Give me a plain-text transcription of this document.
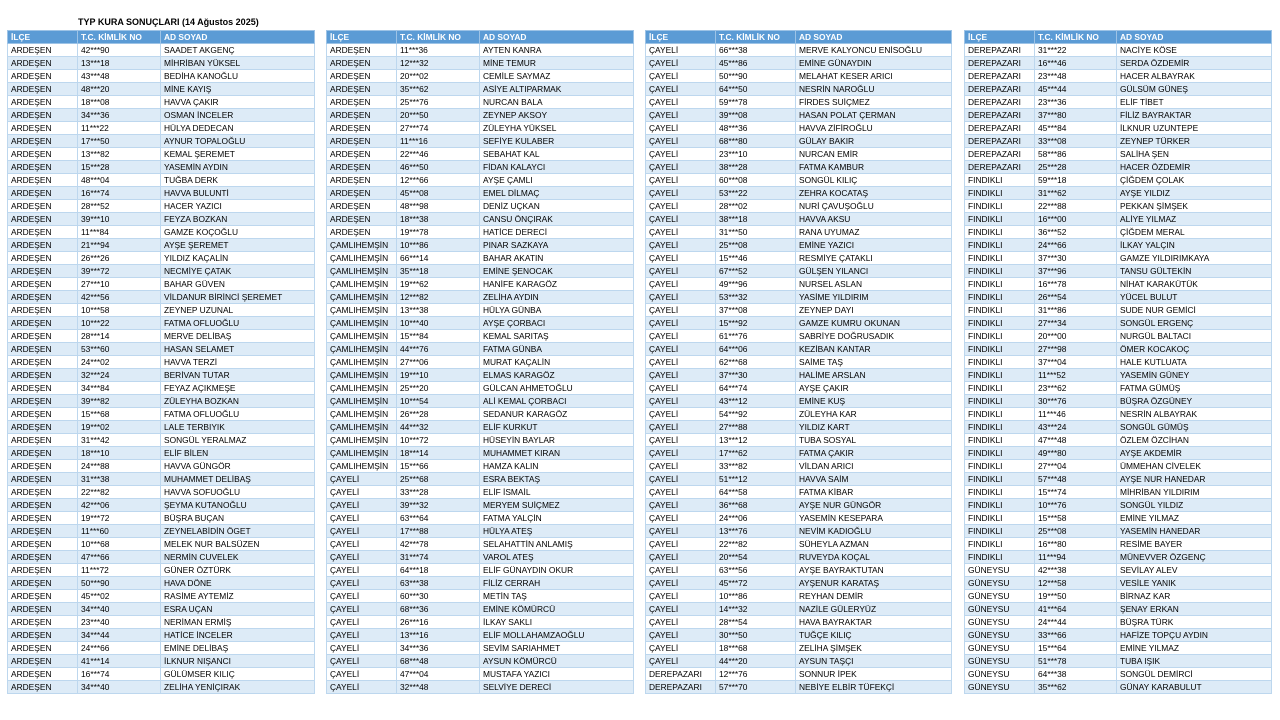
TYP KURA SONUÇLARI (14 Ağustos 2025)
İLÇE	T.C. KİMLİK NO	AD SOYAD
ARDEŞEN	42***90	SAADET AKGENÇ
ARDEŞEN	13***18	MİHRİBAN YÜKSEL
ARDEŞEN	43***48	BEDİHA KANOĞLU
ARDEŞEN	48***20	MİNE KAYIŞ
ARDEŞEN	18***08	HAVVA ÇAKIR
ARDEŞEN	34***36	OSMAN İNCELER
ARDEŞEN	11***22	HÜLYA DEDECAN
ARDEŞEN	17***50	AYNUR TOPALOĞLU
ARDEŞEN	13***82	KEMAL ŞEREMET
ARDEŞEN	15***28	YASEMİN AYDIN
ARDEŞEN	48***04	TUĞBA DERK
ARDEŞEN	16***74	HAVVA BULUNTİ
ARDEŞEN	28***52	HACER YAZICI
ARDEŞEN	39***10	FEYZA BOZKAN
ARDEŞEN	11***84	GAMZE KOÇOĞLU
ARDEŞEN	21***94	AYŞE ŞEREMET
ARDEŞEN	26***26	YILDIZ KAÇALİN
ARDEŞEN	39***72	NECMİYE ÇATAK
ARDEŞEN	27***10	BAHAR GÜVEN
ARDEŞEN	42***56	VİLDANUR BİRİNCİ ŞEREMET
ARDEŞEN	10***58	ZEYNEP UZUNAL
ARDEŞEN	10***22	FATMA OFLUOĞLU
ARDEŞEN	28***14	MERVE DELİBAŞ
ARDEŞEN	53***60	HASAN SELAMET
ARDEŞEN	24***02	HAVVA TERZİ
ARDEŞEN	32***24	BERİVAN TUTAR
ARDEŞEN	34***84	FEYAZ AÇIKMEŞE
ARDEŞEN	39***82	ZÜLEYHA BOZKAN
ARDEŞEN	15***68	FATMA OFLUOĞLU
ARDEŞEN	19***02	LALE TERBIYIK
ARDEŞEN	31***42	SONGÜL YERALMAZ
ARDEŞEN	18***10	ELİF BİLEN
ARDEŞEN	24***88	HAVVA GÜNGÖR
ARDEŞEN	31***38	MUHAMMET DELİBAŞ
ARDEŞEN	22***82	HAVVA SOFUOĞLU
ARDEŞEN	42***06	ŞEYMA KUTANOĞLU
ARDEŞEN	19***72	BÜŞRA BUÇAN
ARDEŞEN	11***60	ZEYNELABİDİN ÖGET
ARDEŞEN	10***68	MELEK NUR BALSÜZEN
ARDEŞEN	47***66	NERMİN CUVELEK
ARDEŞEN	11***72	GÜNER ÖZTÜRK
ARDEŞEN	50***90	HAVA DÖNE
ARDEŞEN	45***02	RASİME AYTEMİZ
ARDEŞEN	34***40	ESRA UÇAN
ARDEŞEN	23***40	NERİMAN ERMİŞ
ARDEŞEN	34***44	HATİCE İNCELER
ARDEŞEN	24***66	EMİNE DELİBAŞ
ARDEŞEN	41***14	İLKNUR NIŞANCI
ARDEŞEN	16***74	GÜLÜMSER KILIÇ
ARDEŞEN	34***40	ZELİHA YENİÇIRAK
İLÇE	T.C. KİMLİK NO	AD SOYAD
ARDEŞEN	11***36	AYTEN KANRA
ARDEŞEN	12***32	MİNE TEMUR
ARDEŞEN	20***02	CEMİLE SAYMAZ
ARDEŞEN	35***62	ASİYE ALTIPARMAK
ARDEŞEN	25***76	NURCAN BALA
ARDEŞEN	20***50	ZEYNEP AKSOY
ARDEŞEN	27***74	ZÜLEYHA YÜKSEL
ARDEŞEN	11***16	SEFİYE KULABER
ARDEŞEN	22***46	SEBAHAT KAL
ARDEŞEN	46***50	FİDAN KALAYCI
ARDEŞEN	12***66	AYŞE ÇAMLI
ARDEŞEN	45***08	EMEL DİLMAÇ
ARDEŞEN	48***98	DENİZ UÇKAN
ARDEŞEN	18***38	CANSU ÖNÇIRAK
ARDEŞEN	19***78	HATİCE DERECİ
ÇAMLIHEMŞİN	10***86	PINAR SAZKAYA
ÇAMLIHEMŞİN	66***14	BAHAR AKATIN
ÇAMLIHEMŞİN	35***18	EMİNE ŞENOCAK
ÇAMLIHEMŞİN	19***62	HANİFE KARAGÖZ
ÇAMLIHEMŞİN	12***82	ZELİHA AYDIN
ÇAMLIHEMŞİN	13***38	HÜLYA GÜNBA
ÇAMLIHEMŞİN	10***40	AYŞE ÇORBACI
ÇAMLIHEMŞİN	15***84	KEMAL SARITAŞ
ÇAMLIHEMŞİN	44***76	FATMA GÜNBA
ÇAMLIHEMŞİN	27***06	MURAT KAÇALİN
ÇAMLIHEMŞİN	19***10	ELMAS KARAGÖZ
ÇAMLIHEMŞİN	25***20	GÜLCAN AHMETOĞLU
ÇAMLIHEMŞİN	10***54	ALİ KEMAL ÇORBACI
ÇAMLIHEMŞİN	26***28	SEDANUR KARAGÖZ
ÇAMLIHEMŞİN	44***32	ELİF KURKUT
ÇAMLIHEMŞİN	10***72	HÜSEYİN BAYLAR
ÇAMLIHEMŞİN	18***14	MUHAMMET KIRAN
ÇAMLIHEMŞİN	15***66	HAMZA KALIN
ÇAYELİ	25***68	ESRA BEKTAŞ
ÇAYELİ	33***28	ELİF İSMAİL
ÇAYELİ	39***32	MERYEM SUİÇMEZ
ÇAYELİ	63***64	FATMA YALÇİN
ÇAYELİ	17***88	HÜLYA ATEŞ
ÇAYELİ	42***78	SELAHATTİN ANLAMIŞ
ÇAYELİ	31***74	VAROL ATEŞ
ÇAYELİ	64***18	ELİF GÜNAYDIN OKUR
ÇAYELİ	63***38	FİLİZ CERRAH
ÇAYELİ	60***30	METİN TAŞ
ÇAYELİ	68***36	EMİNE KÖMÜRCÜ
ÇAYELİ	26***16	İLKAY SAKLI
ÇAYELİ	13***16	ELİF MOLLAHAMZAOĞLU
ÇAYELİ	34***36	SEVİM SARIAHMET
ÇAYELİ	68***48	AYSUN KÖMÜRCÜ
ÇAYELİ	47***04	MUSTAFA YAZICI
ÇAYELİ	32***48	SELVİYE DERECİ
İLÇE	T.C. KİMLİK NO	AD SOYAD
ÇAYELİ	66***38	MERVE KALYONCU ENİSOĞLU
ÇAYELİ	45***86	EMİNE GÜNAYDIN
ÇAYELİ	50***90	MELAHAT KESER ARICI
ÇAYELİ	64***50	NESRİN NAROĞLU
ÇAYELİ	59***78	FİRDES SUİÇMEZ
ÇAYELİ	39***08	HASAN POLAT ÇERMAN
ÇAYELİ	48***36	HAVVA ZİFİROĞLU
ÇAYELİ	68***80	GÜLAY BAKIR
ÇAYELİ	23***10	NURCAN EMİR
ÇAYELİ	38***28	FATMA KAMBUR
ÇAYELİ	60***08	SONGÜL KILIÇ
ÇAYELİ	53***22	ZEHRA KOCATAŞ
ÇAYELİ	28***02	NURİ ÇAVUŞOĞLU
ÇAYELİ	38***18	HAVVA AKSU
ÇAYELİ	31***50	RANA UYUMAZ
ÇAYELİ	25***08	EMİNE YAZICI
ÇAYELİ	15***46	RESMİYE ÇATAKLI
ÇAYELİ	67***52	GÜLŞEN YILANCI
ÇAYELİ	49***96	NURSEL ASLAN
ÇAYELİ	53***32	YASİME YILDIRIM
ÇAYELİ	37***08	ZEYNEP DAYI
ÇAYELİ	15***92	GAMZE KUMRU OKUNAN
ÇAYELİ	61***76	SABRİYE DOĞRUSADIK
ÇAYELİ	64***06	KEZİBAN KANTAR
ÇAYELİ	62***68	SAİME TAŞ
ÇAYELİ	37***30	HALİME ARSLAN
ÇAYELİ	64***74	AYŞE ÇAKIR
ÇAYELİ	43***12	EMİNE KUŞ
ÇAYELİ	54***92	ZÜLEYHA KAR
ÇAYELİ	27***88	YILDIZ KART
ÇAYELİ	13***12	TUBA SOSYAL
ÇAYELİ	17***62	FATMA ÇAKIR
ÇAYELİ	33***82	VİLDAN ARICI
ÇAYELİ	51***12	HAVVA SAİM
ÇAYELİ	64***58	FATMA KİBAR
ÇAYELİ	36***68	AYŞE NUR GÜNGÖR
ÇAYELİ	24***06	YASEMİN KESEPARA
ÇAYELİ	13***76	NEVİM KADIOĞLU
ÇAYELİ	22***82	SÜHEYLA AZMAN
ÇAYELİ	20***54	RUVEYDA KOÇAL
ÇAYELİ	63***56	AYŞE BAYRAKTUTAN
ÇAYELİ	45***72	AYŞENUR KARATAŞ
ÇAYELİ	10***86	REYHAN DEMİR
ÇAYELİ	14***32	NAZİLE GÜLERYÜZ
ÇAYELİ	28***54	HAVA BAYRAKTAR
ÇAYELİ	30***50	TUĞÇE KILIÇ
ÇAYELİ	18***68	ZELİHA ŞİMŞEK
ÇAYELİ	44***20	AYSUN TAŞÇI
DEREPAZARI	12***76	SONNUR İPEK
DEREPAZARI	57***70	NEBİYE ELBİR TÜFEKÇİ
İLÇE	T.C. KİMLİK NO	AD SOYAD
DEREPAZARI	31***22	NACİYE KÖSE
DEREPAZARI	16***46	SERDA ÖZDEMİR
DEREPAZARI	23***48	HACER ALBAYRAK
DEREPAZARI	45***44	GÜLSÜM GÜNEŞ
DEREPAZARI	23***36	ELİF TİBET
DEREPAZARI	37***80	FİLİZ BAYRAKTAR
DEREPAZARI	45***84	İLKNUR UZUNTEPE
DEREPAZARI	33***08	ZEYNEP TÜRKER
DEREPAZARI	58***86	SALİHA ŞEN
DEREPAZARI	25***28	HACER ÖZDEMİR
FINDIKLI	59***18	ÇİĞDEM ÇOLAK
FINDIKLI	31***62	AYŞE YILDIZ
FINDIKLI	22***88	PEKKAN ŞİMŞEK
FINDIKLI	16***00	ALİYE YILMAZ
FINDIKLI	36***52	ÇİĞDEM MERAL
FINDIKLI	24***66	İLKAY YALÇIN
FINDIKLI	37***30	GAMZE YILDIRIMKAYA
FINDIKLI	37***96	TANSU GÜLTEKİN
FINDIKLI	16***78	NİHAT KARAKÜTÜK
FINDIKLI	26***54	YÜCEL BULUT
FINDIKLI	31***86	SUDE NUR GEMİCİ
FINDIKLI	27***34	SONGÜL ERGENÇ
FINDIKLI	20***00	NURGÜL BALTACI
FINDIKLI	27***98	ÖMER KOCAKOÇ
FINDIKLI	37***04	HALE KUTLUATA
FINDIKLI	11***52	YASEMİN GÜNEY
FINDIKLI	23***62	FATMA GÜMÜŞ
FINDIKLI	30***76	BÜŞRA ÖZGÜNEY
FINDIKLI	11***46	NESRİN ALBAYRAK
FINDIKLI	43***24	SONGÜL GÜMÜŞ
FINDIKLI	47***48	ÖZLEM ÖZCİHAN
FINDIKLI	49***80	AYŞE AKDEMİR
FINDIKLI	27***04	ÜMMEHAN CİVELEK
FINDIKLI	57***48	AYŞE NUR HANEDAR
FINDIKLI	15***74	MİHRİBAN YILDIRIM
FINDIKLI	10***76	SONGÜL YILDIZ
FINDIKLI	15***58	EMİNE YILMAZ
FINDIKLI	25***08	YASEMİN HANEDAR
FINDIKLI	16***80	RESİME BAYER
FINDIKLI	11***94	MÜNEVVER ÖZGENÇ
GÜNEYSU	42***38	SEVİLAY ALEV
GÜNEYSU	12***58	VESİLE YANIK
GÜNEYSU	19***50	BİRNAZ KAR
GÜNEYSU	41***64	ŞENAY ERKAN
GÜNEYSU	24***44	BÜŞRA TÜRK
GÜNEYSU	33***66	HAFİZE TOPÇU AYDIN
GÜNEYSU	15***64	EMİNE YILMAZ
GÜNEYSU	51***78	TUBA IŞIK
GÜNEYSU	64***38	SONGÜL DEMİRCİ
GÜNEYSU	35***62	GÜNAY KARABULUT
